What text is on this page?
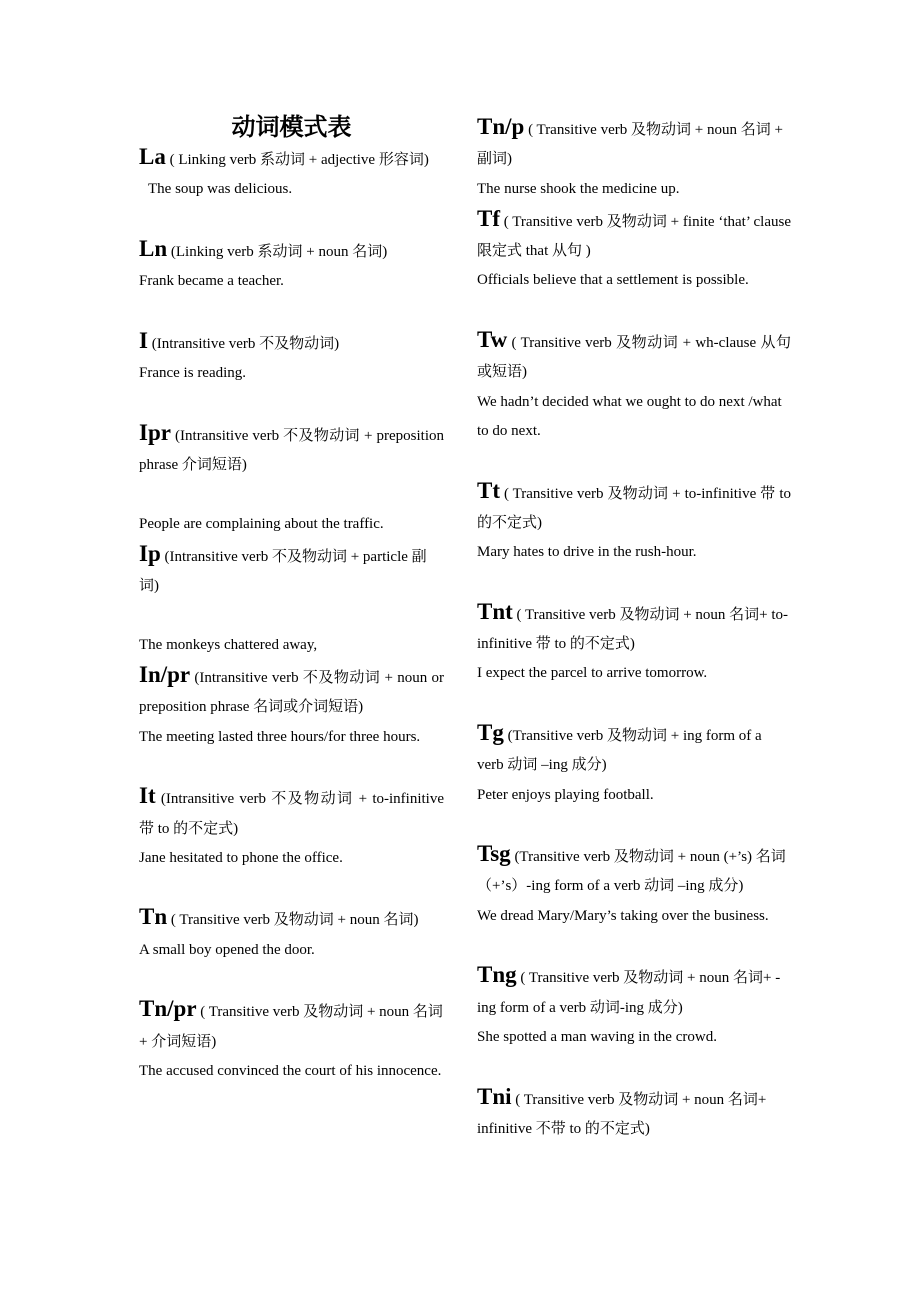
动词模式表
La ( Linking verb 系动词 + adjective 形容词)
The soup was delicious.
Ln (Linking verb 系动词 + noun 名词)
Frank became a teacher.
I (Intransitive verb 不及物动词)
France is reading.
Ipr (Intransitive verb 不及物动词 + preposition phrase 介词短语)
People are complaining about the traffic.
Ip (Intransitive verb 不及物动词 + particle 副词)
The monkeys chattered away,
In/pr (Intransitive verb 不及物动词 + noun or preposition phrase 名词或介词短语)
The meeting lasted three hours/for three hours.
It (Intransitive verb 不及物动词 + to-infinitive 带 to 的不定式)
Jane hesitated to phone the office.
Tn ( Transitive verb 及物动词 + noun 名词)
A small boy opened the door.
Tn/pr ( Transitive verb 及物动词 + noun 名词 + 介词短语)
The accused convinced the court of his innocence.
Tn/p ( Transitive verb 及物动词 + noun 名词 + 副词)
The nurse shook the medicine up.
Tf ( Transitive verb 及物动词 + finite ‘that’ clause 限定式 that 从句 )
Officials believe that a settlement is possible.
Tw ( Transitive verb 及物动词 + wh-clause 从句或短语)
We hadn’t decided what we ought to do next /what to do next.
Tt ( Transitive verb 及物动词 + to-infinitive 带 to 的不定式)
Mary hates to drive in the rush-hour.
Tnt ( Transitive verb 及物动词 + noun 名词+ to-infinitive 带 to 的不定式)
I expect the parcel to arrive tomorrow.
Tg (Transitive verb 及物动词 + ing form of a verb 动词 –ing 成分)
Peter enjoys playing football.
Tsg (Transitive verb 及物动词 + noun (+’s) 名词（+’s）-ing form of a verb 动词 –ing 成分)
We dread Mary/Mary’s taking over the business.
Tng ( Transitive verb 及物动词 + noun 名词+ -ing form of a verb 动词-ing 成分)
She spotted a man waving in the crowd.
Tni ( Transitive verb 及物动词 + noun 名词+ infinitive 不带 to 的不定式)
